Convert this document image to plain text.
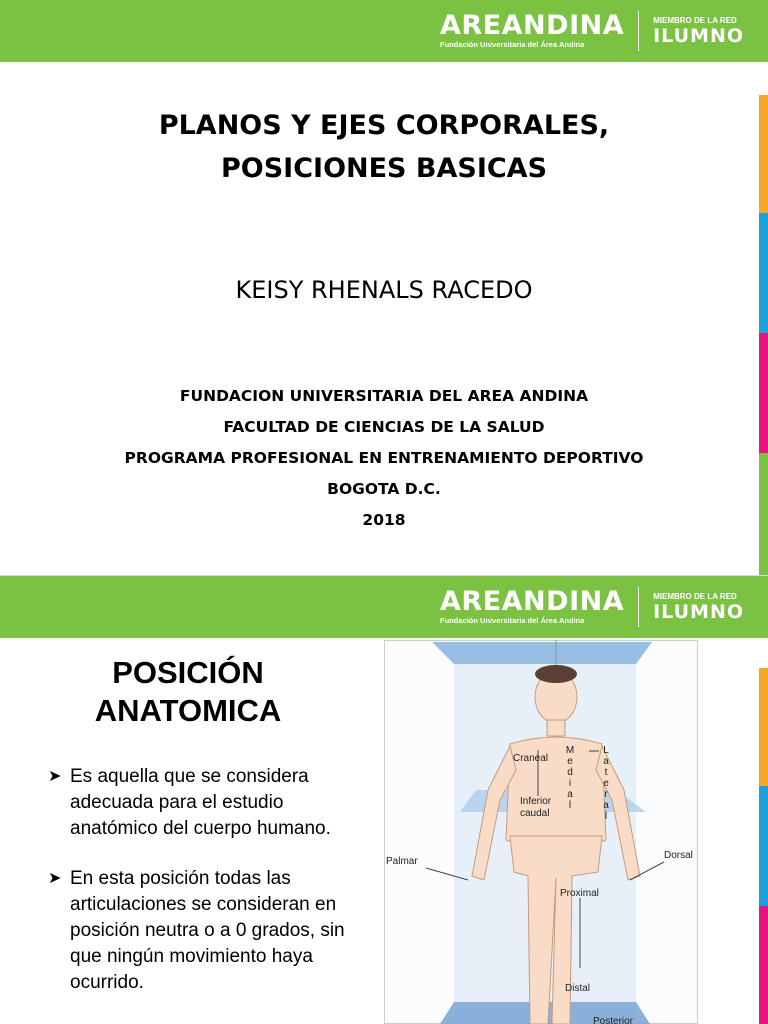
AREANDINA
Fundación Universitaria del Área Andina
MIEMBRO DE LA RED
ILUMNO
PLANOS Y EJES CORPORALES,
POSICIONES BASICAS
KEISY RHENALS RACEDO
FUNDACION UNIVERSITARIA DEL AREA ANDINA
FACULTAD DE CIENCIAS DE LA SALUD
PROGRAMA PROFESIONAL EN ENTRENAMIENTO DEPORTIVO
BOGOTA D.C.
2018
AREANDINA
Fundación Universitaria del Área Andina
MIEMBRO DE LA RED
ILUMNO
POSICIÓN
ANATOMICA
➤ Es aquella que se considera adecuada para el estudio anatómico del cuerpo humano.
➤ En esta posición todas las articulaciones se consideran en posición neutra o a 0 grados, sin que ningún movimiento haya ocurrido.
Craneal
Inferior
caudal
M
e
d
i
a
l
L
a
t
e
r
a
l
Palmar
Dorsal
Proximal
Distal
Posterior
